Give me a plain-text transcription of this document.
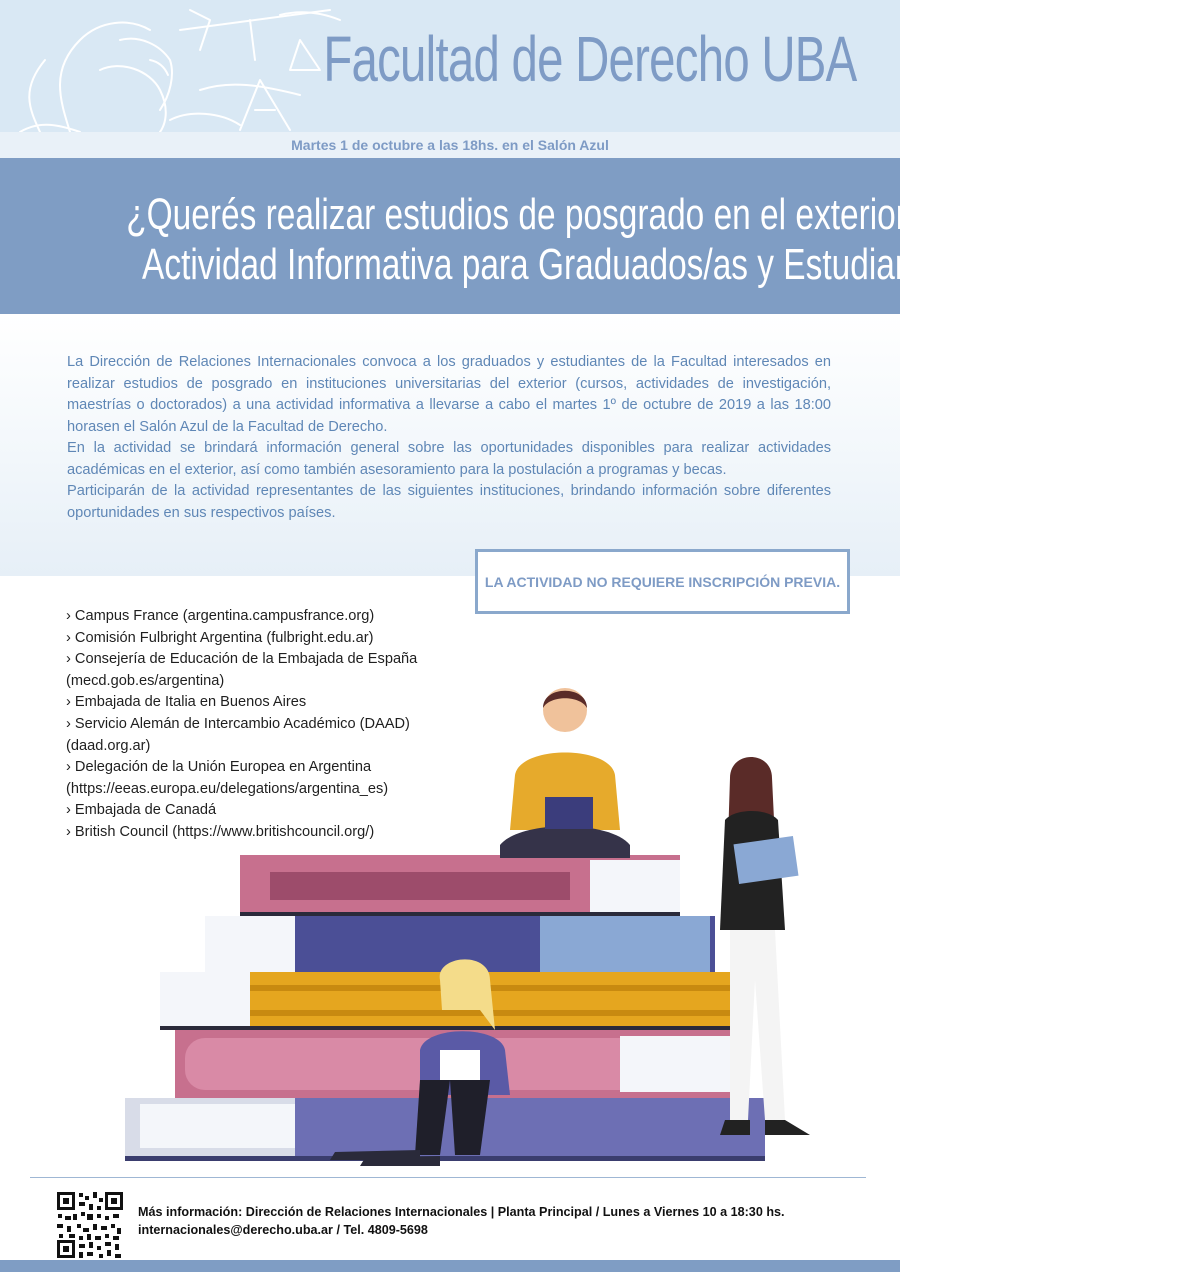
Facultad de Derecho UBA
Martes 1 de octubre a las 18hs. en el Salón Azul
¿Querés realizar estudios de posgrado en el exterior?
Actividad Informativa para Graduados/as y Estudiantes 2019

La Dirección de Relaciones Internacionales convoca a los graduados y estudiantes de la Facultad interesados en realizar estudios de posgrado en instituciones universitarias del exterior (cursos, actividades de investigación, maestrías o doctorados) a una actividad informativa a llevarse a cabo el martes 1º de octubre de 2019 a las 18:00 horasen el Salón Azul de la Facultad de Derecho.

En la actividad se brindará información general sobre las oportunidades disponibles para realizar actividades académicas en el exterior, así como también asesoramiento para la postulación a programas y becas.

Participarán de la actividad representantes de las siguientes instituciones, brindando información sobre diferentes oportunidades en sus respectivos países.

LA ACTIVIDAD NO REQUIERE INSCRIPCIÓN PREVIA.
› Campus France (argentina.campusfrance.org)
› Comisión Fulbright Argentina (fulbright.edu.ar)
› Consejería de Educación de la Embajada de España (mecd.gob.es/argentina)
› Embajada de Italia en Buenos Aires
› Servicio Alemán de Intercambio Académico (DAAD) (daad.org.ar)
› Delegación de la Unión Europea en Argentina (https://eeas.europa.eu/delegations/argentina_es)
› Embajada de Canadá
› British Council (https://www.britishcouncil.org/)
Más información: Dirección de Relaciones Internacionales | Planta Principal / Lunes a Viernes 10 a 18:30 hs.
internacionales@derecho.uba.ar / Tel. 4809-5698
